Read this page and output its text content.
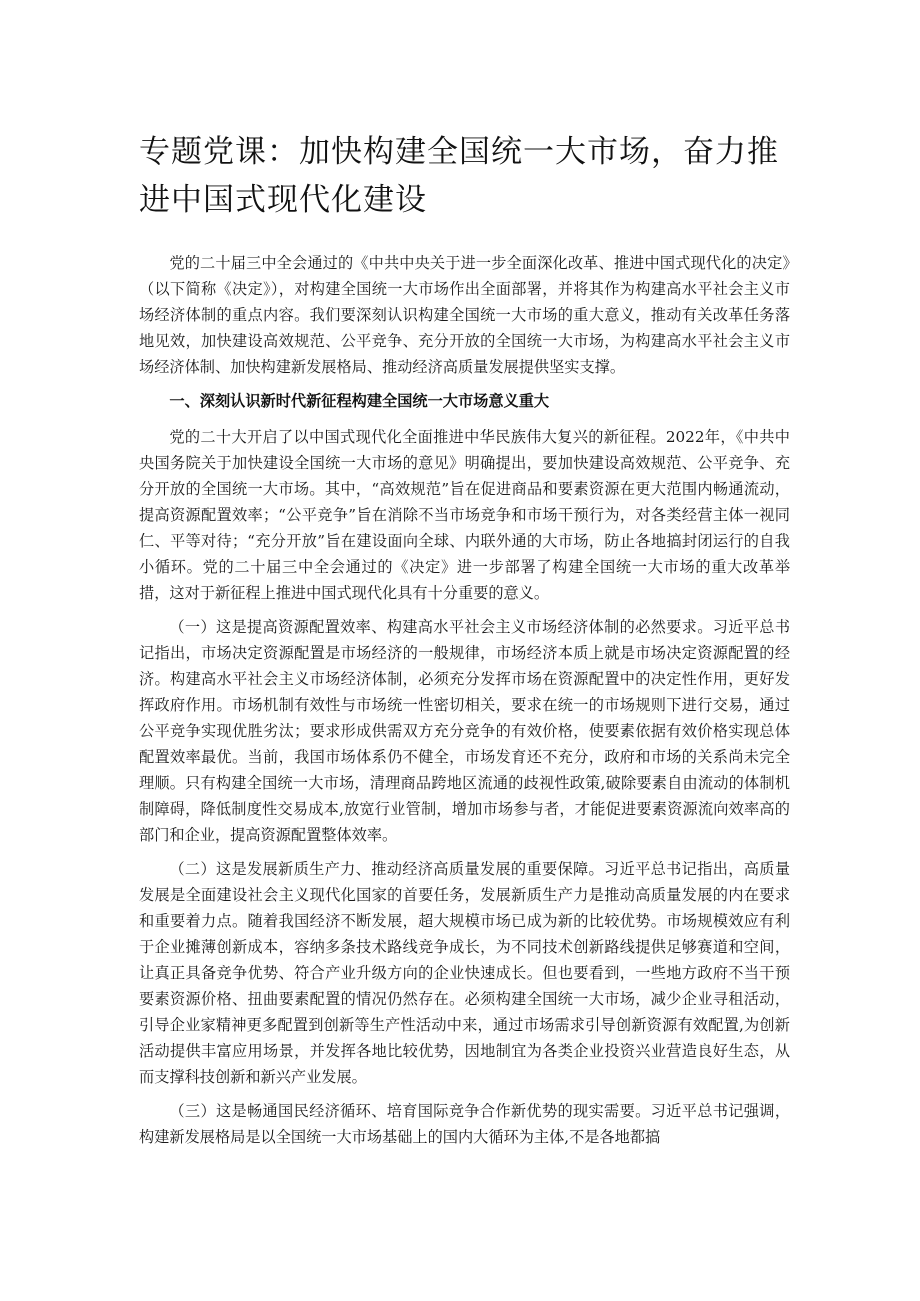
专题党课：加快构建全国统一大市场，奋力推进中国式现代化建设

党的二十届三中全会通过的《中共中央关于进一步全面深化改革、推进中国式现代化的决定》（以下简称《决定》），对构建全国统一大市场作出全面部署，并将其作为构建高水平社会主义市场经济体制的重点内容。我们要深刻认识构建全国统一大市场的重大意义，推动有关改革任务落地见效，加快建设高效规范、公平竞争、充分开放的全国统一大市场，为构建高水平社会主义市场经济体制、加快构建新发展格局、推动经济高质量发展提供坚实支撑。

一、深刻认识新时代新征程构建全国统一大市场意义重大

党的二十大开启了以中国式现代化全面推进中华民族伟大复兴的新征程。2022年，《中共中央国务院关于加快建设全国统一大市场的意见》明确提出，要加快建设高效规范、公平竞争、充分开放的全国统一大市场。其中，“高效规范”旨在促进商品和要素资源在更大范围内畅通流动，提高资源配置效率；“公平竞争”旨在消除不当市场竞争和市场干预行为，对各类经营主体一视同仁、平等对待；“充分开放”旨在建设面向全球、内联外通的大市场，防止各地搞封闭运行的自我小循环。党的二十届三中全会通过的《决定》进一步部署了构建全国统一大市场的重大改革举措，这对于新征程上推进中国式现代化具有十分重要的意义。

（一）这是提高资源配置效率、构建高水平社会主义市场经济体制的必然要求。习近平总书记指出，市场决定资源配置是市场经济的一般规律，市场经济本质上就是市场决定资源配置的经济。构建高水平社会主义市场经济体制，必须充分发挥市场在资源配置中的决定性作用，更好发挥政府作用。市场机制有效性与市场统一性密切相关，要求在统一的市场规则下进行交易，通过公平竞争实现优胜劣汰；要求形成供需双方充分竞争的有效价格，使要素依据有效价格实现总体配置效率最优。当前，我国市场体系仍不健全，市场发育还不充分，政府和市场的关系尚未完全理顺。只有构建全国统一大市场，清理商品跨地区流通的歧视性政策,破除要素自由流动的体制机制障碍，降低制度性交易成本,放宽行业管制，增加市场参与者，才能促进要素资源流向效率高的部门和企业，提高资源配置整体效率。

（二）这是发展新质生产力、推动经济高质量发展的重要保障。习近平总书记指出，高质量发展是全面建设社会主义现代化国家的首要任务，发展新质生产力是推动高质量发展的内在要求和重要着力点。随着我国经济不断发展，超大规模市场已成为新的比较优势。市场规模效应有利于企业摊薄创新成本，容纳多条技术路线竞争成长，为不同技术创新路线提供足够赛道和空间，让真正具备竞争优势、符合产业升级方向的企业快速成长。但也要看到，一些地方政府不当干预要素资源价格、扭曲要素配置的情况仍然存在。必须构建全国统一大市场，减少企业寻租活动，引导企业家精神更多配置到创新等生产性活动中来，通过市场需求引导创新资源有效配置,为创新活动提供丰富应用场景，并发挥各地比较优势，因地制宜为各类企业投资兴业营造良好生态，从而支撑科技创新和新兴产业发展。

（三）这是畅通国民经济循环、培育国际竞争合作新优势的现实需要。习近平总书记强调，构建新发展格局是以全国统一大市场基础上的国内大循环为主体,不是各地都搞
